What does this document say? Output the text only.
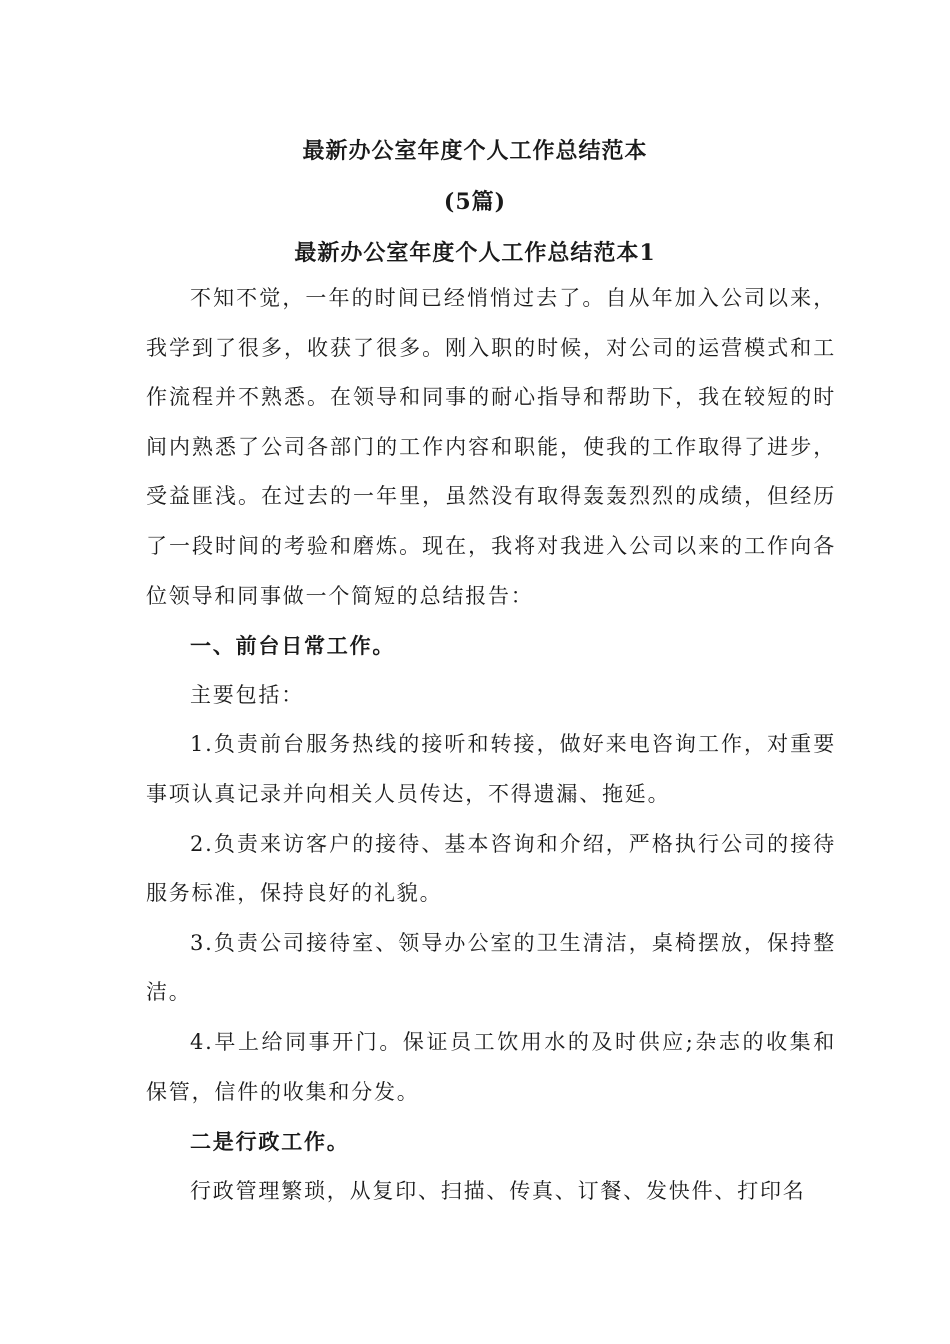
最新办公室年度个人工作总结范本
(5篇)
最新办公室年度个人工作总结范本1

不知不觉，一年的时间已经悄悄过去了。自从年加入公司以来，我学到了很多，收获了很多。刚入职的时候，对公司的运营模式和工作流程并不熟悉。在领导和同事的耐心指导和帮助下，我在较短的时间内熟悉了公司各部门的工作内容和职能，使我的工作取得了进步，受益匪浅。在过去的一年里，虽然没有取得轰轰烈烈的成绩，但经历了一段时间的考验和磨炼。现在，我将对我进入公司以来的工作向各位领导和同事做一个简短的总结报告：

一、前台日常工作。

主要包括：

1.负责前台服务热线的接听和转接，做好来电咨询工作，对重要事项认真记录并向相关人员传达，不得遗漏、拖延。

2.负责来访客户的接待、基本咨询和介绍，严格执行公司的接待服务标准，保持良好的礼貌。

3.负责公司接待室、领导办公室的卫生清洁，桌椅摆放，保持整洁。

4.早上给同事开门。保证员工饮用水的及时供应;杂志的收集和保管，信件的收集和分发。

二是行政工作。

行政管理繁琐，从复印、扫描、传真、订餐、发快件、打印名
